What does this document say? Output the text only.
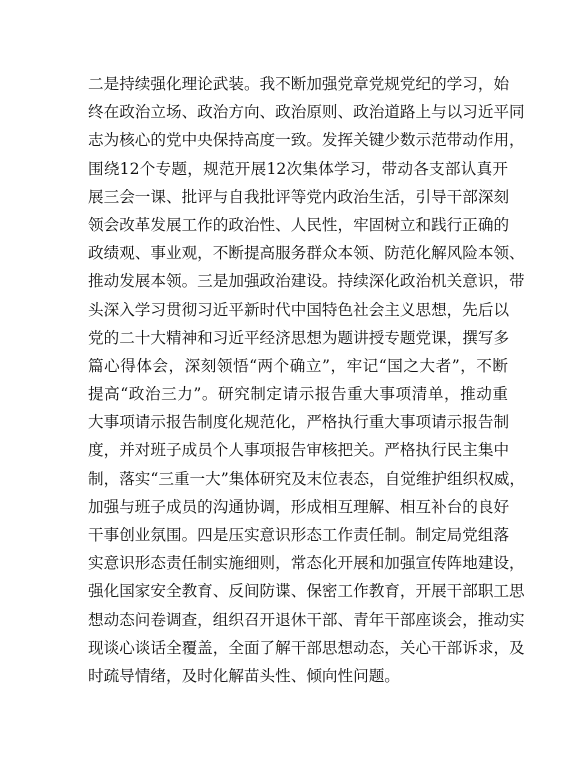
二是持续强化理论武装。我不断加强党章党规党纪的学习，始
终在政治立场、政治方向、政治原则、政治道路上与以习近平同
志为核心的党中央保持高度一致。发挥关键少数示范带动作用，
围绕12个专题，规范开展12次集体学习，带动各支部认真开
展三会一课、批评与自我批评等党内政治生活，引导干部深刻
领会改革发展工作的政治性、人民性，牢固树立和践行正确的
政绩观、事业观，不断提高服务群众本领、防范化解风险本领、
推动发展本领。三是加强政治建设。持续深化政治机关意识，带
头深入学习贯彻习近平新时代中国特色社会主义思想，先后以
党的二十大精神和习近平经济思想为题讲授专题党课，撰写多
篇心得体会，深刻领悟“两个确立”，牢记“国之大者”，不断
提高“政治三力”。研究制定请示报告重大事项清单，推动重
大事项请示报告制度化规范化，严格执行重大事项请示报告制
度，并对班子成员个人事项报告审核把关。严格执行民主集中
制，落实“三重一大”集体研究及末位表态，自觉维护组织权威，
加强与班子成员的沟通协调，形成相互理解、相互补台的良好
干事创业氛围。四是压实意识形态工作责任制。制定局党组落
实意识形态责任制实施细则，常态化开展和加强宣传阵地建设，
强化国家安全教育、反间防谍、保密工作教育，开展干部职工思
想动态问卷调查，组织召开退休干部、青年干部座谈会，推动实
现谈心谈话全覆盖，全面了解干部思想动态，关心干部诉求，及
时疏导情绪，及时化解苗头性、倾向性问题。
